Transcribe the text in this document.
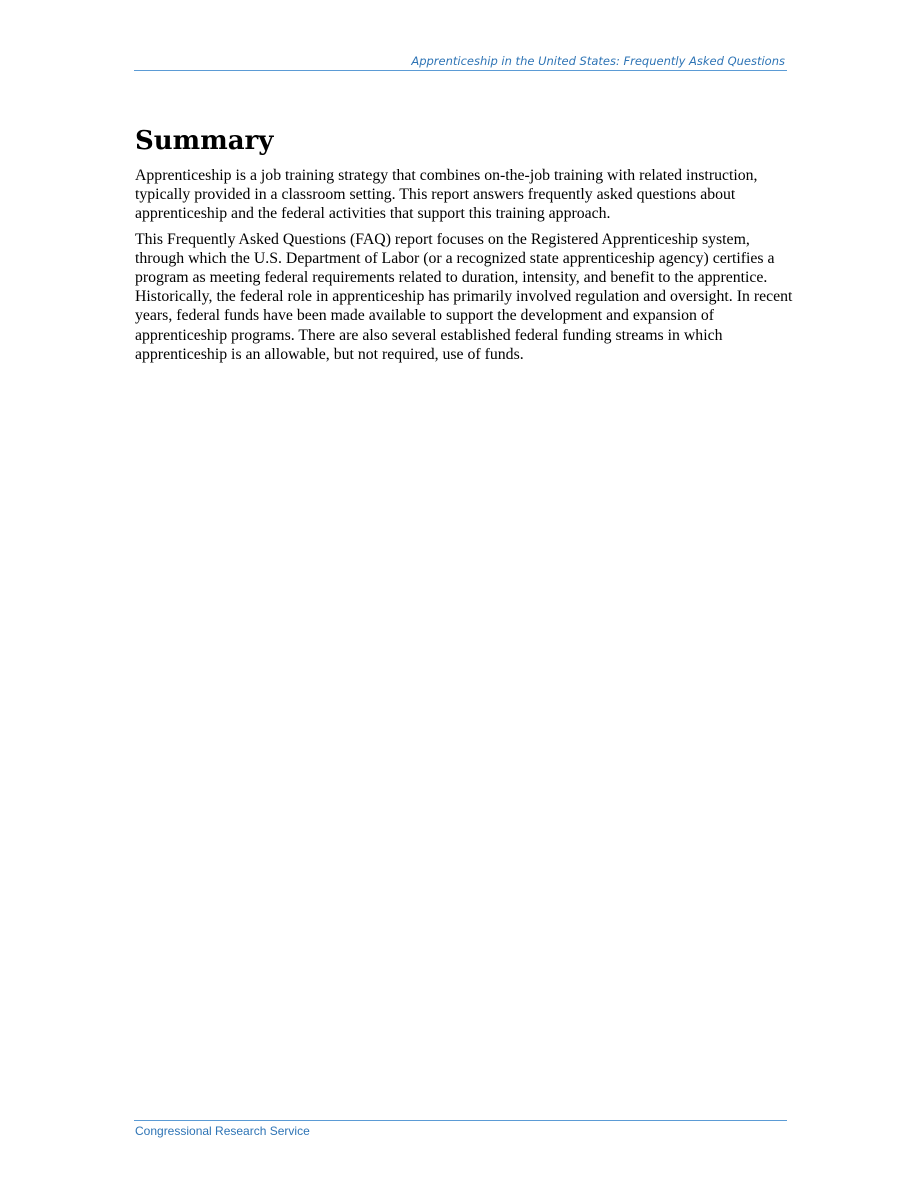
Apprenticeship in the United States: Frequently Asked Questions
Summary

Apprenticeship is a job training strategy that combines on-the-job training with related instruction, typically provided in a classroom setting. This report answers frequently asked questions about apprenticeship and the federal activities that support this training approach.

This Frequently Asked Questions (FAQ) report focuses on the Registered Apprenticeship system, through which the U.S. Department of Labor (or a recognized state apprenticeship agency) certifies a program as meeting federal requirements related to duration, intensity, and benefit to the apprentice. Historically, the federal role in apprenticeship has primarily involved regulation and oversight. In recent years, federal funds have been made available to support the development and expansion of apprenticeship programs. There are also several established federal funding streams in which apprenticeship is an allowable, but not required, use of funds.

Congressional Research Service
